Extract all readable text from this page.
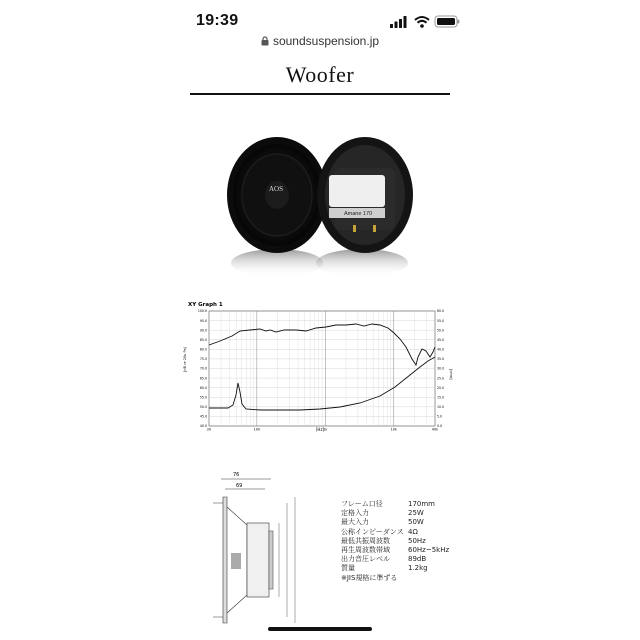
19:39
soundsuspension.jp
Woofer
AOS
Amane 170
XY Graph 1
100.0
95.0
90.0
85.0
80.0
75.0
70.0
65.0
60.0
55.0
50.0
45.0
40.0
60.0
55.0
50.0
45.0
40.0
35.0
30.0
25.0
20.0
15.0
10.0
5.0
0.0
20	100	1k	10k	40k
[dB re 20u Pa]
[ohm]
[Hz]
76
69
フレーム口径	170mm
定格入力	25W
最大入力	50W
公称インピーダンス 4Ω
最低共振周波数	50Hz
再生周波数帯域	60Hz~5kHz
出力音圧レベル	89dB
質量	1.2kg
※JIS規格に準ずる
